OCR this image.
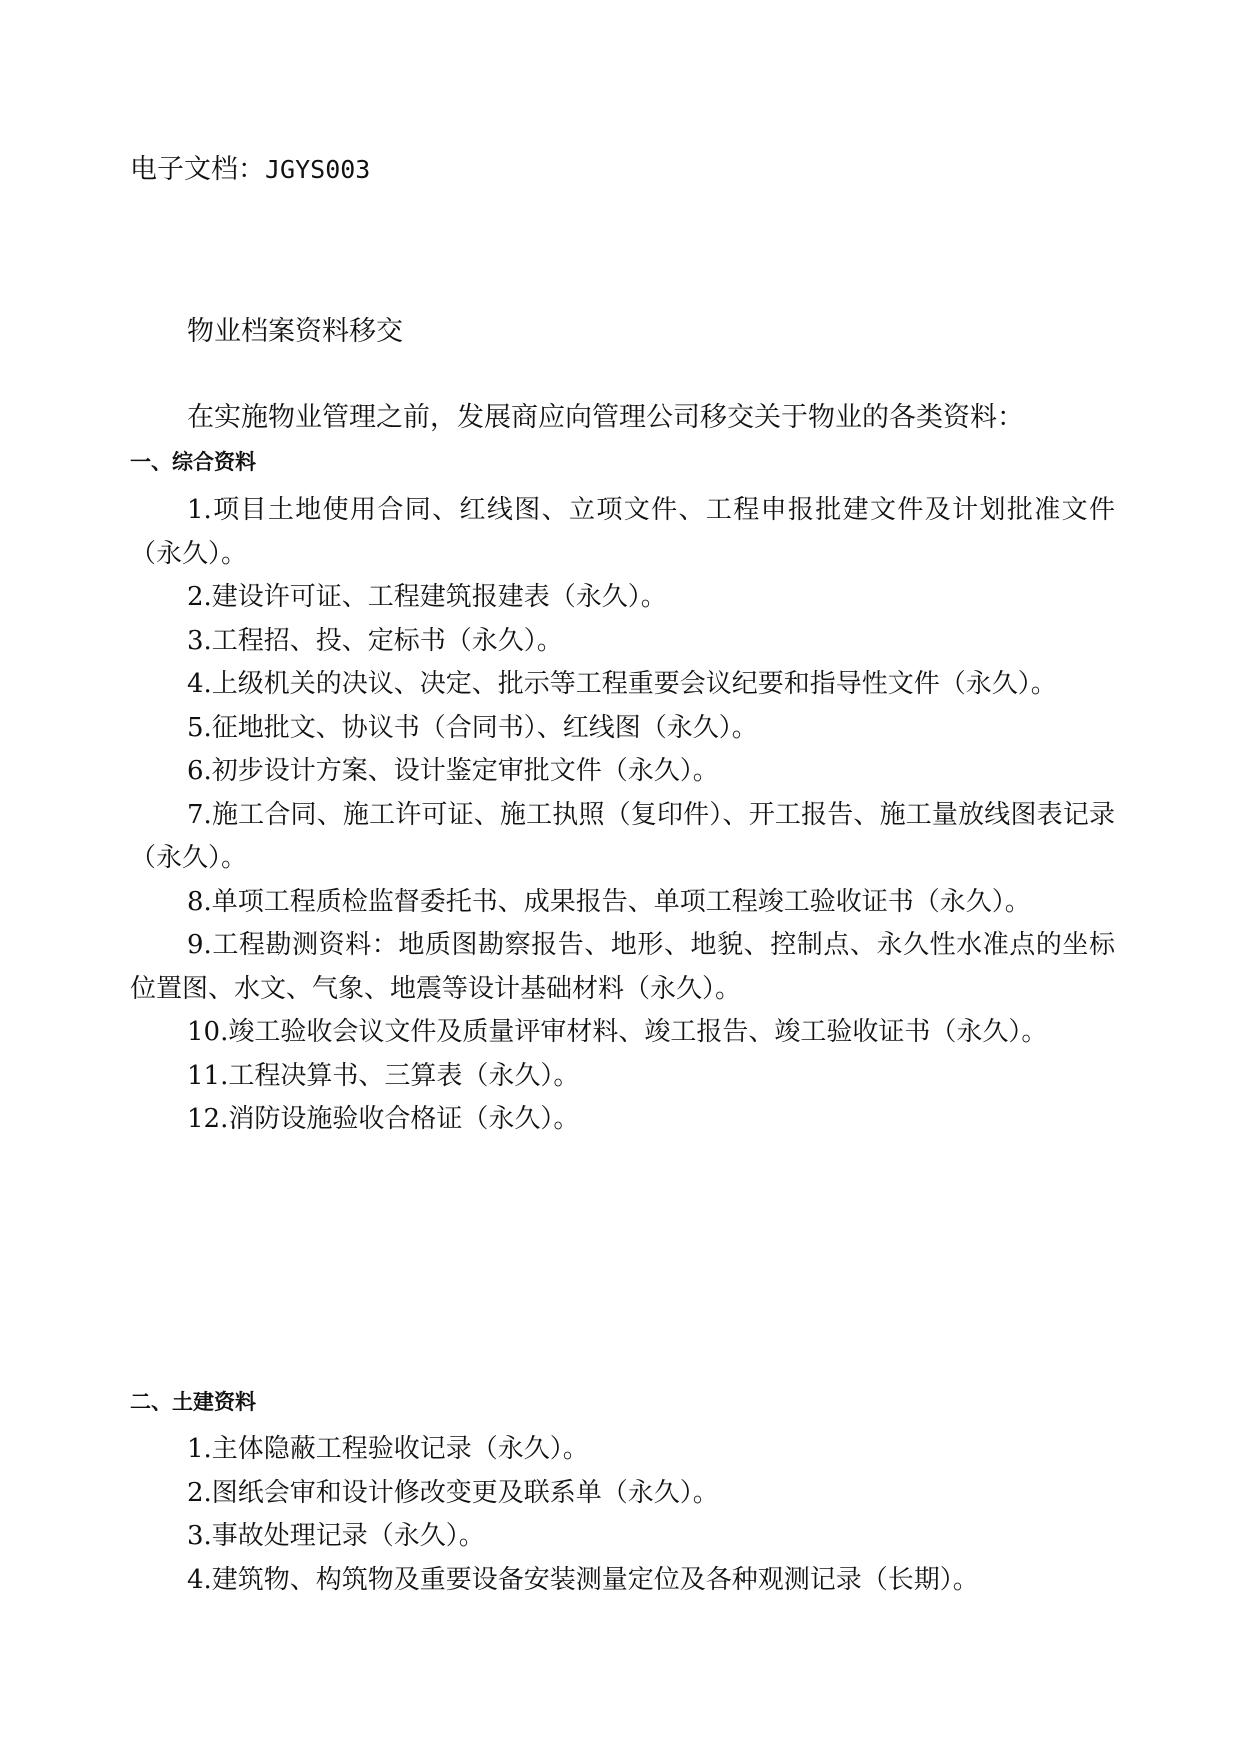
电子文档：JGYS003
物业档案资料移交
在实施物业管理之前，发展商应向管理公司移交关于物业的各类资料：
一、综合资料
1.项目土地使用合同、红线图、立项文件、工程申报批建文件及计划批准文件（永久）。
2.建设许可证、工程建筑报建表（永久）。
3.工程招、投、定标书（永久）。
4.上级机关的决议、决定、批示等工程重要会议纪要和指导性文件（永久）。
5.征地批文、协议书（合同书）、红线图（永久）。
6.初步设计方案、设计鉴定审批文件（永久）。
7.施工合同、施工许可证、施工执照（复印件）、开工报告、施工量放线图表记录（永久）。
8.单项工程质检监督委托书、成果报告、单项工程竣工验收证书（永久）。
9.工程勘测资料：地质图勘察报告、地形、地貌、控制点、永久性水准点的坐标位置图、水文、气象、地震等设计基础材料（永久）。
10.竣工验收会议文件及质量评审材料、竣工报告、竣工验收证书（永久）。
11.工程决算书、三算表（永久）。
12.消防设施验收合格证（永久）。
二、土建资料
1.主体隐蔽工程验收记录（永久）。
2.图纸会审和设计修改变更及联系单（永久）。
3.事故处理记录（永久）。
4.建筑物、构筑物及重要设备安装测量定位及各种观测记录（长期）。
